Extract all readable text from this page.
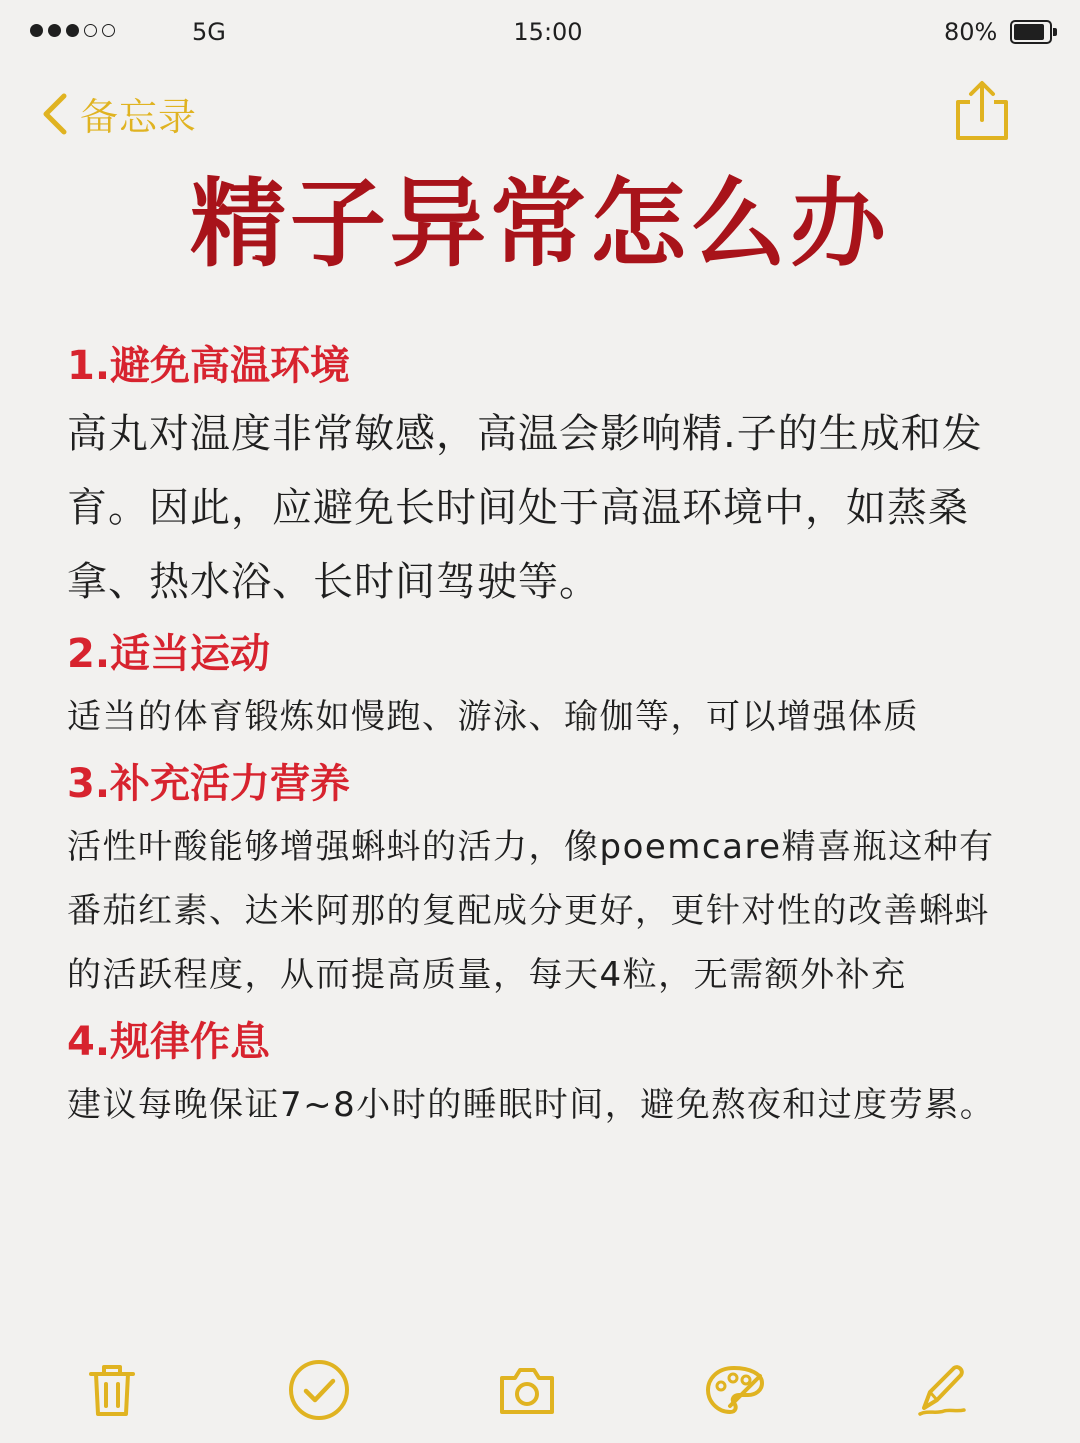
5G	15:00	80%
备忘录
精子异常怎么办
1.避免高温环境
高丸对温度非常敏感，高温会影响精.子的生成和发育。因此，应避免长时间处于高温环境中，如蒸桑拿、热水浴、长时间驾驶等。
2.适当运动
适当的体育锻炼如慢跑、游泳、瑜伽等，可以增强体质
3.补充活力营养
活性叶酸能够增强蝌蚪的活力，像poemcare精喜瓶这种有番茄红素、达米阿那的复配成分更好，更针对性的改善蝌蚪的活跃程度，从而提高质量，每天4粒，无需额外补充
4.规律作息
建议每晚保证7~8小时的睡眠时间，避免熬夜和过度劳累。
